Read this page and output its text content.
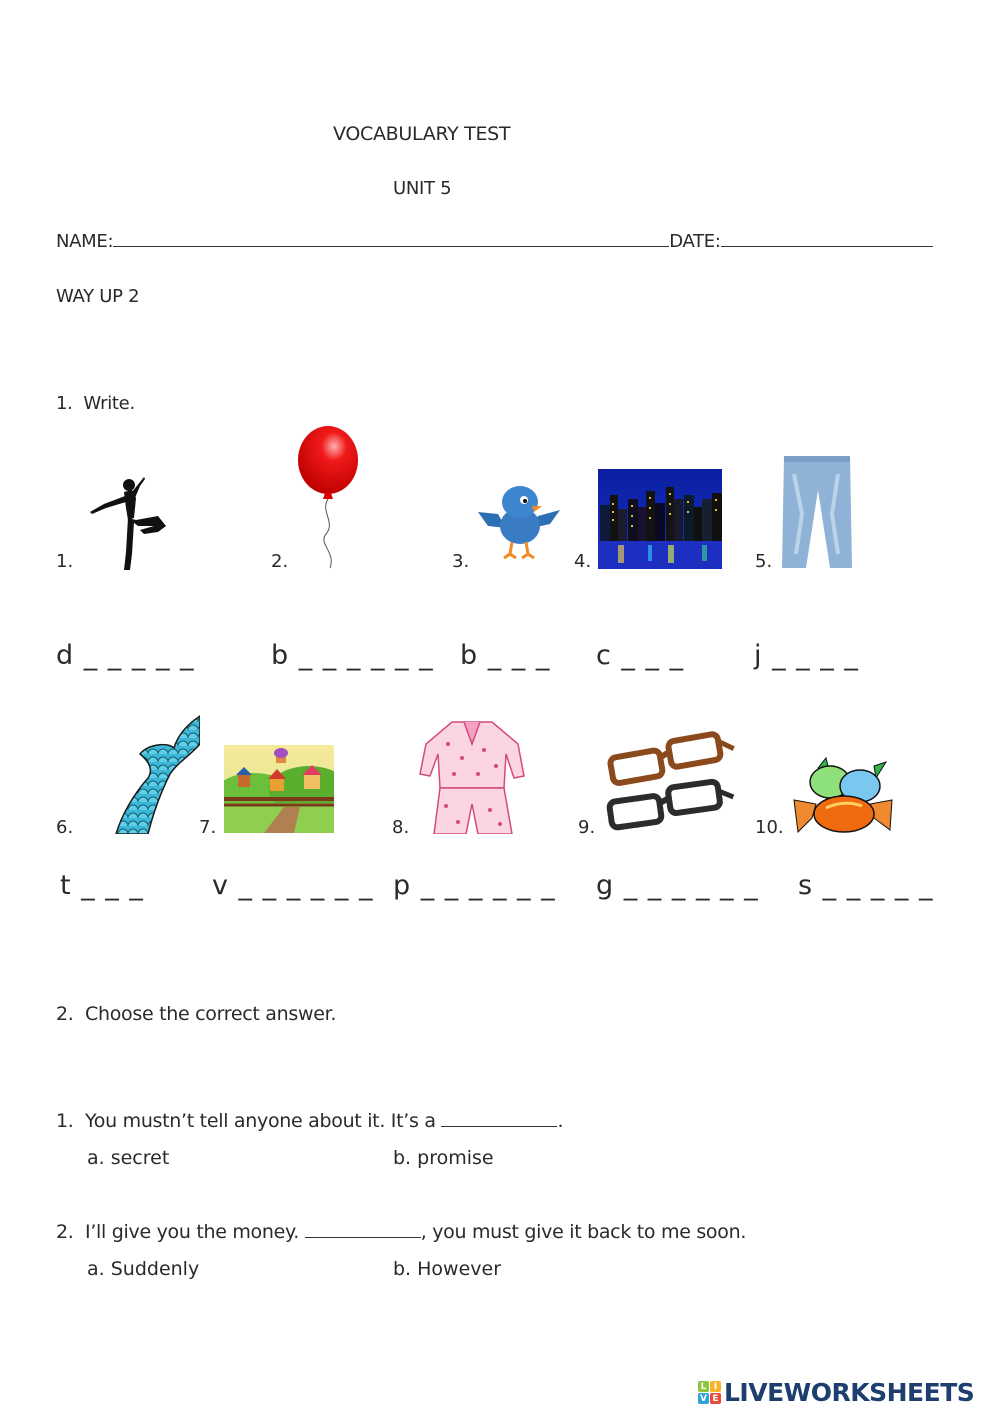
VOCABULARY TEST
UNIT 5
NAME:	DATE:
WAY UP 2
1. Write.
1.	2.	3.	4.	5.
d _ _ _ _ _	b _ _ _ _ _ _ b _ _ _ c _ _ _	j _ _ _ _
6.	7.	8.	9.	10.
t _ _ _	v _ _ _ _ _ _ p _ _ _ _ _ _ g _ _ _ _ _ _ s _ _ _ _ _
2. Choose the correct answer.
1. You mustn’t tell anyone about it. It’s a	.
a. secret	b. promise
2. I’ll give you the money.	, you must give it back to me soon.
a. Suddenly	b. However
L I
V E LIVEWORKSHEETS
